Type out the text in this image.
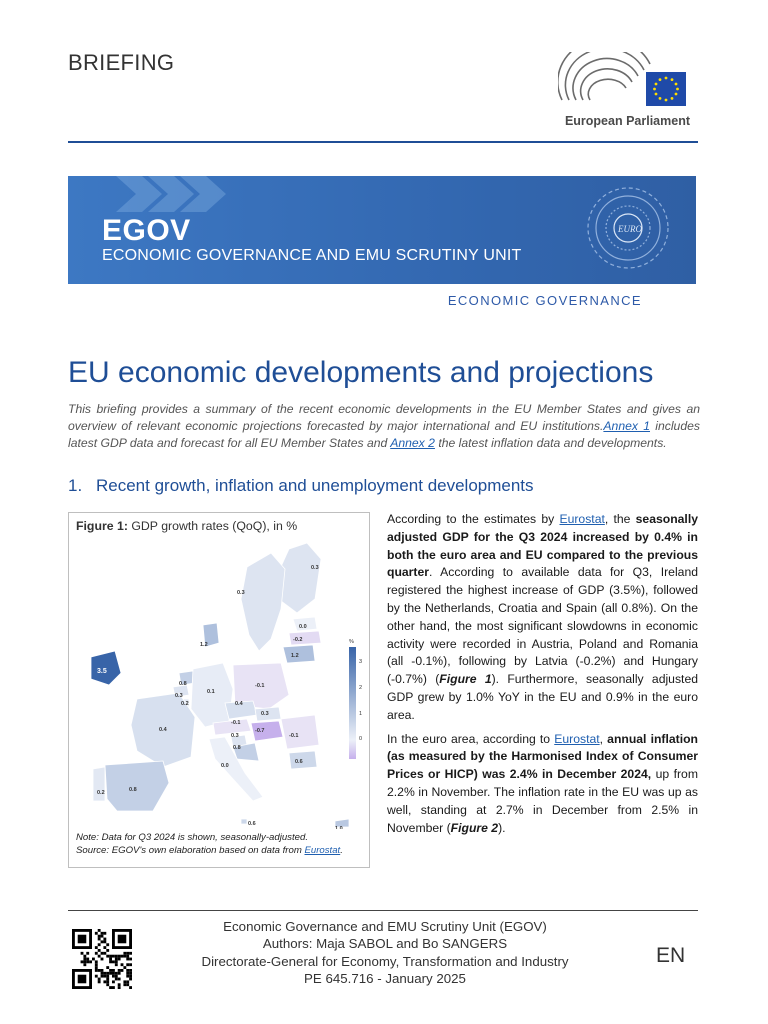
BRIEFING
European Parliament
EURO
EGOV
ECONOMIC GOVERNANCE AND EMU SCRUTINY UNIT
ECONOMIC GOVERNANCE
EU economic developments and projections
This briefing provides a summary of the recent economic developments in the EU Member States and gives an overview of relevant economic projections forecasted by major international and EU institutions.Annex 1 includes latest GDP data and forecast for all EU Member States and Annex 2 the latest inflation data and developments.
1. Recent growth, inflation and unemployment developments
Figure 1: GDP growth rates (QoQ), in %
0.3
0.3
0.0
-0.2
1.2
1.2
3.5
0.8
0.3
0.2
0.1
-0.1
0.4
-0.1
0.3
-0.7
0.3
0.8
-0.1
0.4
0.0
0.6
0.2	0.8
0.6
1.0
%
3
2
1
0
Note: Data for Q3 2024 is shown, seasonally-adjusted.
Source: EGOV's own elaboration based on data from Eurostat.

According to the estimates by Eurostat, the seasonally adjusted GDP for the Q3 2024 increased by 0.4% in both the euro area and EU compared to the previous quarter. According to available data for Q3, Ireland registered the highest increase of GDP (3.5%), followed by the Netherlands, Croatia and Spain (all 0.8%). On the other hand, the most significant slowdowns in economic activity were recorded in Austria, Poland and Romania (all -0.1%), following by Latvia (-0.2%) and Hungary (-0.7%) (Figure 1). Furthermore, seasonally adjusted GDP grew by 1.0% YoY in the EU and 0.9% in the euro area.

In the euro area, according to Eurostat, annual inflation (as measured by the Harmonised Index of Consumer Prices or HICP) was 2.4% in December 2024, up from 2.2% in November. The inflation rate in the EU was up as well, standing at 2.7% in December from 2.5% in November (Figure 2).

Economic Governance and EMU Scrutiny Unit (EGOV)
Authors: Maja SABOL and Bo SANGERS
Directorate-General for Economy, Transformation and Industry
PE 645.716 - January 2025
EN
